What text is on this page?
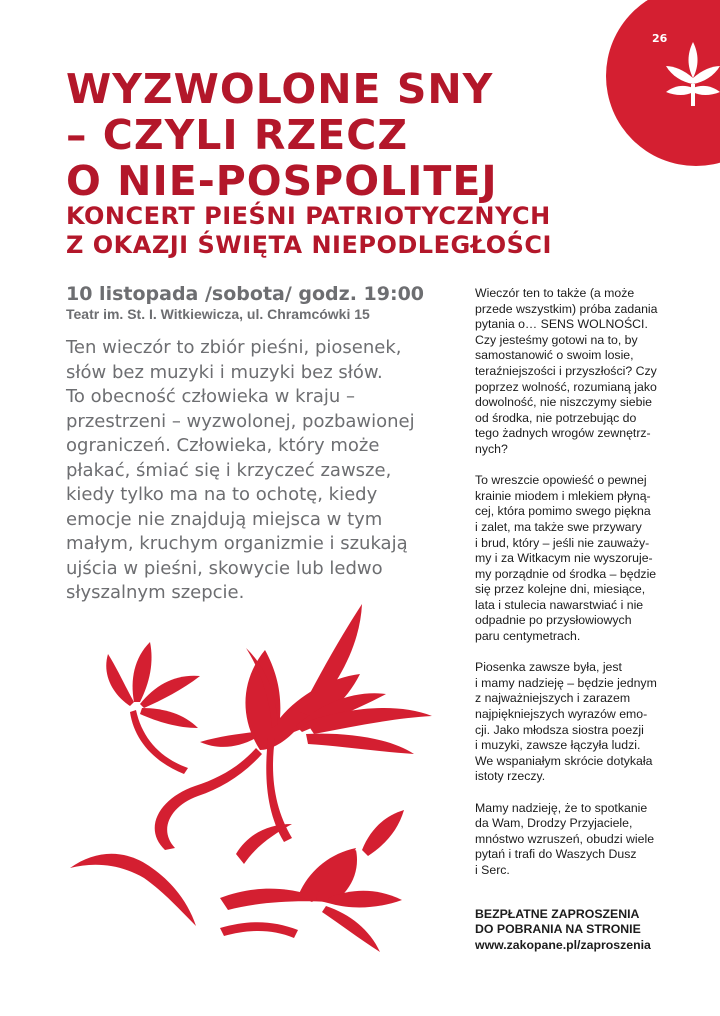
26
WYZWOLONE SNY
– CZYLI RZECZ
O NIE-POSPOLITEJ
KONCERT PIEŚNI PATRIOTYCZNYCH
Z OKAZJI ŚWIĘTA NIEPODLEGŁOŚCI
10 listopada /sobota/ godz. 19:00
Teatr im. St. I. Witkiewicza, ul. Chramcówki 15
Ten wieczór to zbiór pieśni, piosenek,
słów bez muzyki i muzyki bez słów.
To obecność człowieka w kraju –
przestrzeni – wyzwolonej, pozbawionej
ograniczeń. Człowieka, który może
płakać, śmiać się i krzyczeć zawsze,
kiedy tylko ma na to ochotę, kiedy
emocje nie znajdują miejsca w tym
małym, kruchym organizmie i szukają
ujścia w pieśni, skowycie lub ledwo
słyszalnym szepcie.

Wieczór ten to także (a może
przede wszystkim) próba zadania
pytania o… SENS WOLNOŚCI.
Czy jesteśmy gotowi na to, by
samostanowić o swoim losie,
teraźniejszości i przyszłości? Czy
poprzez wolność, rozumianą jako
dowolność, nie niszczymy siebie
od środka, nie potrzebując do
tego żadnych wrogów zewnętrz-
nych?

To wreszcie opowieść o pewnej
krainie miodem i mlekiem płyną-
cej, która pomimo swego piękna
i zalet, ma także swe przywary
i brud, który – jeśli nie zauważy-
my i za Witkacym nie wyszoruje-
my porządnie od środka – będzie
się przez kolejne dni, miesiące,
lata i stulecia nawarstwiać i nie
odpadnie po przysłowiowych
paru centymetrach.

Piosenka zawsze była, jest
i mamy nadzieję – będzie jednym
z najważniejszych i zarazem
najpiękniejszych wyrazów emo-
cji. Jako młodsza siostra poezji
i muzyki, zawsze łączyła ludzi.
We wspaniałym skrócie dotykała
istoty rzeczy.

Mamy nadzieję, że to spotkanie
da Wam, Drodzy Przyjaciele,
mnóstwo wzruszeń, obudzi wiele
pytań i trafi do Waszych Dusz
i Serc.

BEZPŁATNE ZAPROSZENIA
DO POBRANIA NA STRONIE
www.zakopane.pl/zaproszenia
